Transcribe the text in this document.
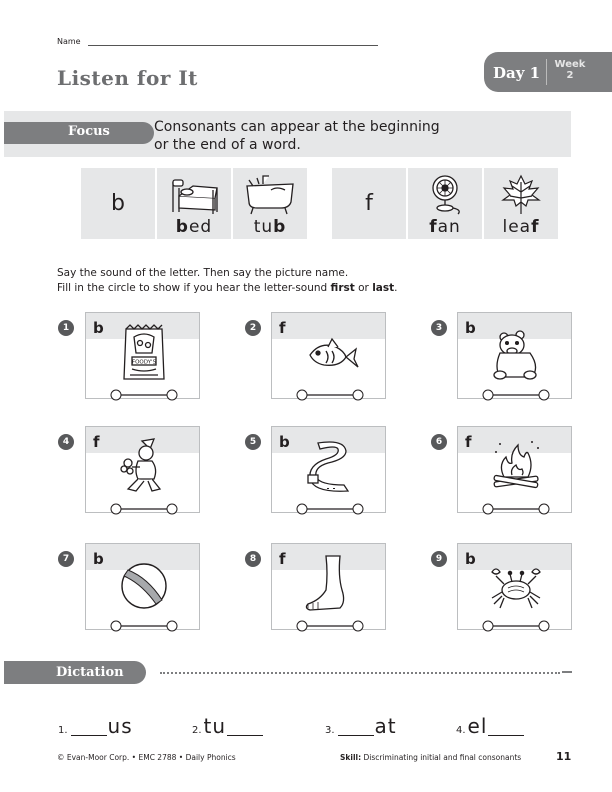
Name
Listen for It	Day 1	Week
2
Focus	Consonants can appear at the beginning
or the end of a word.
b
bed	tub
f
fan	leaf
Say the sound of the letter. Then say the picture name.
Fill in the circle to show if you hear the letter-sound first or last.
1	b
FOODY'S
2	f	3	b
4	f	5	b	6	f
7	b	8	f	9	b
Dictation
1. us	2. tu	3. at	4. el
© Evan-Moor Corp. • EMC 2788 • Daily Phonics	Skill: Discriminating initial and final consonants	11
